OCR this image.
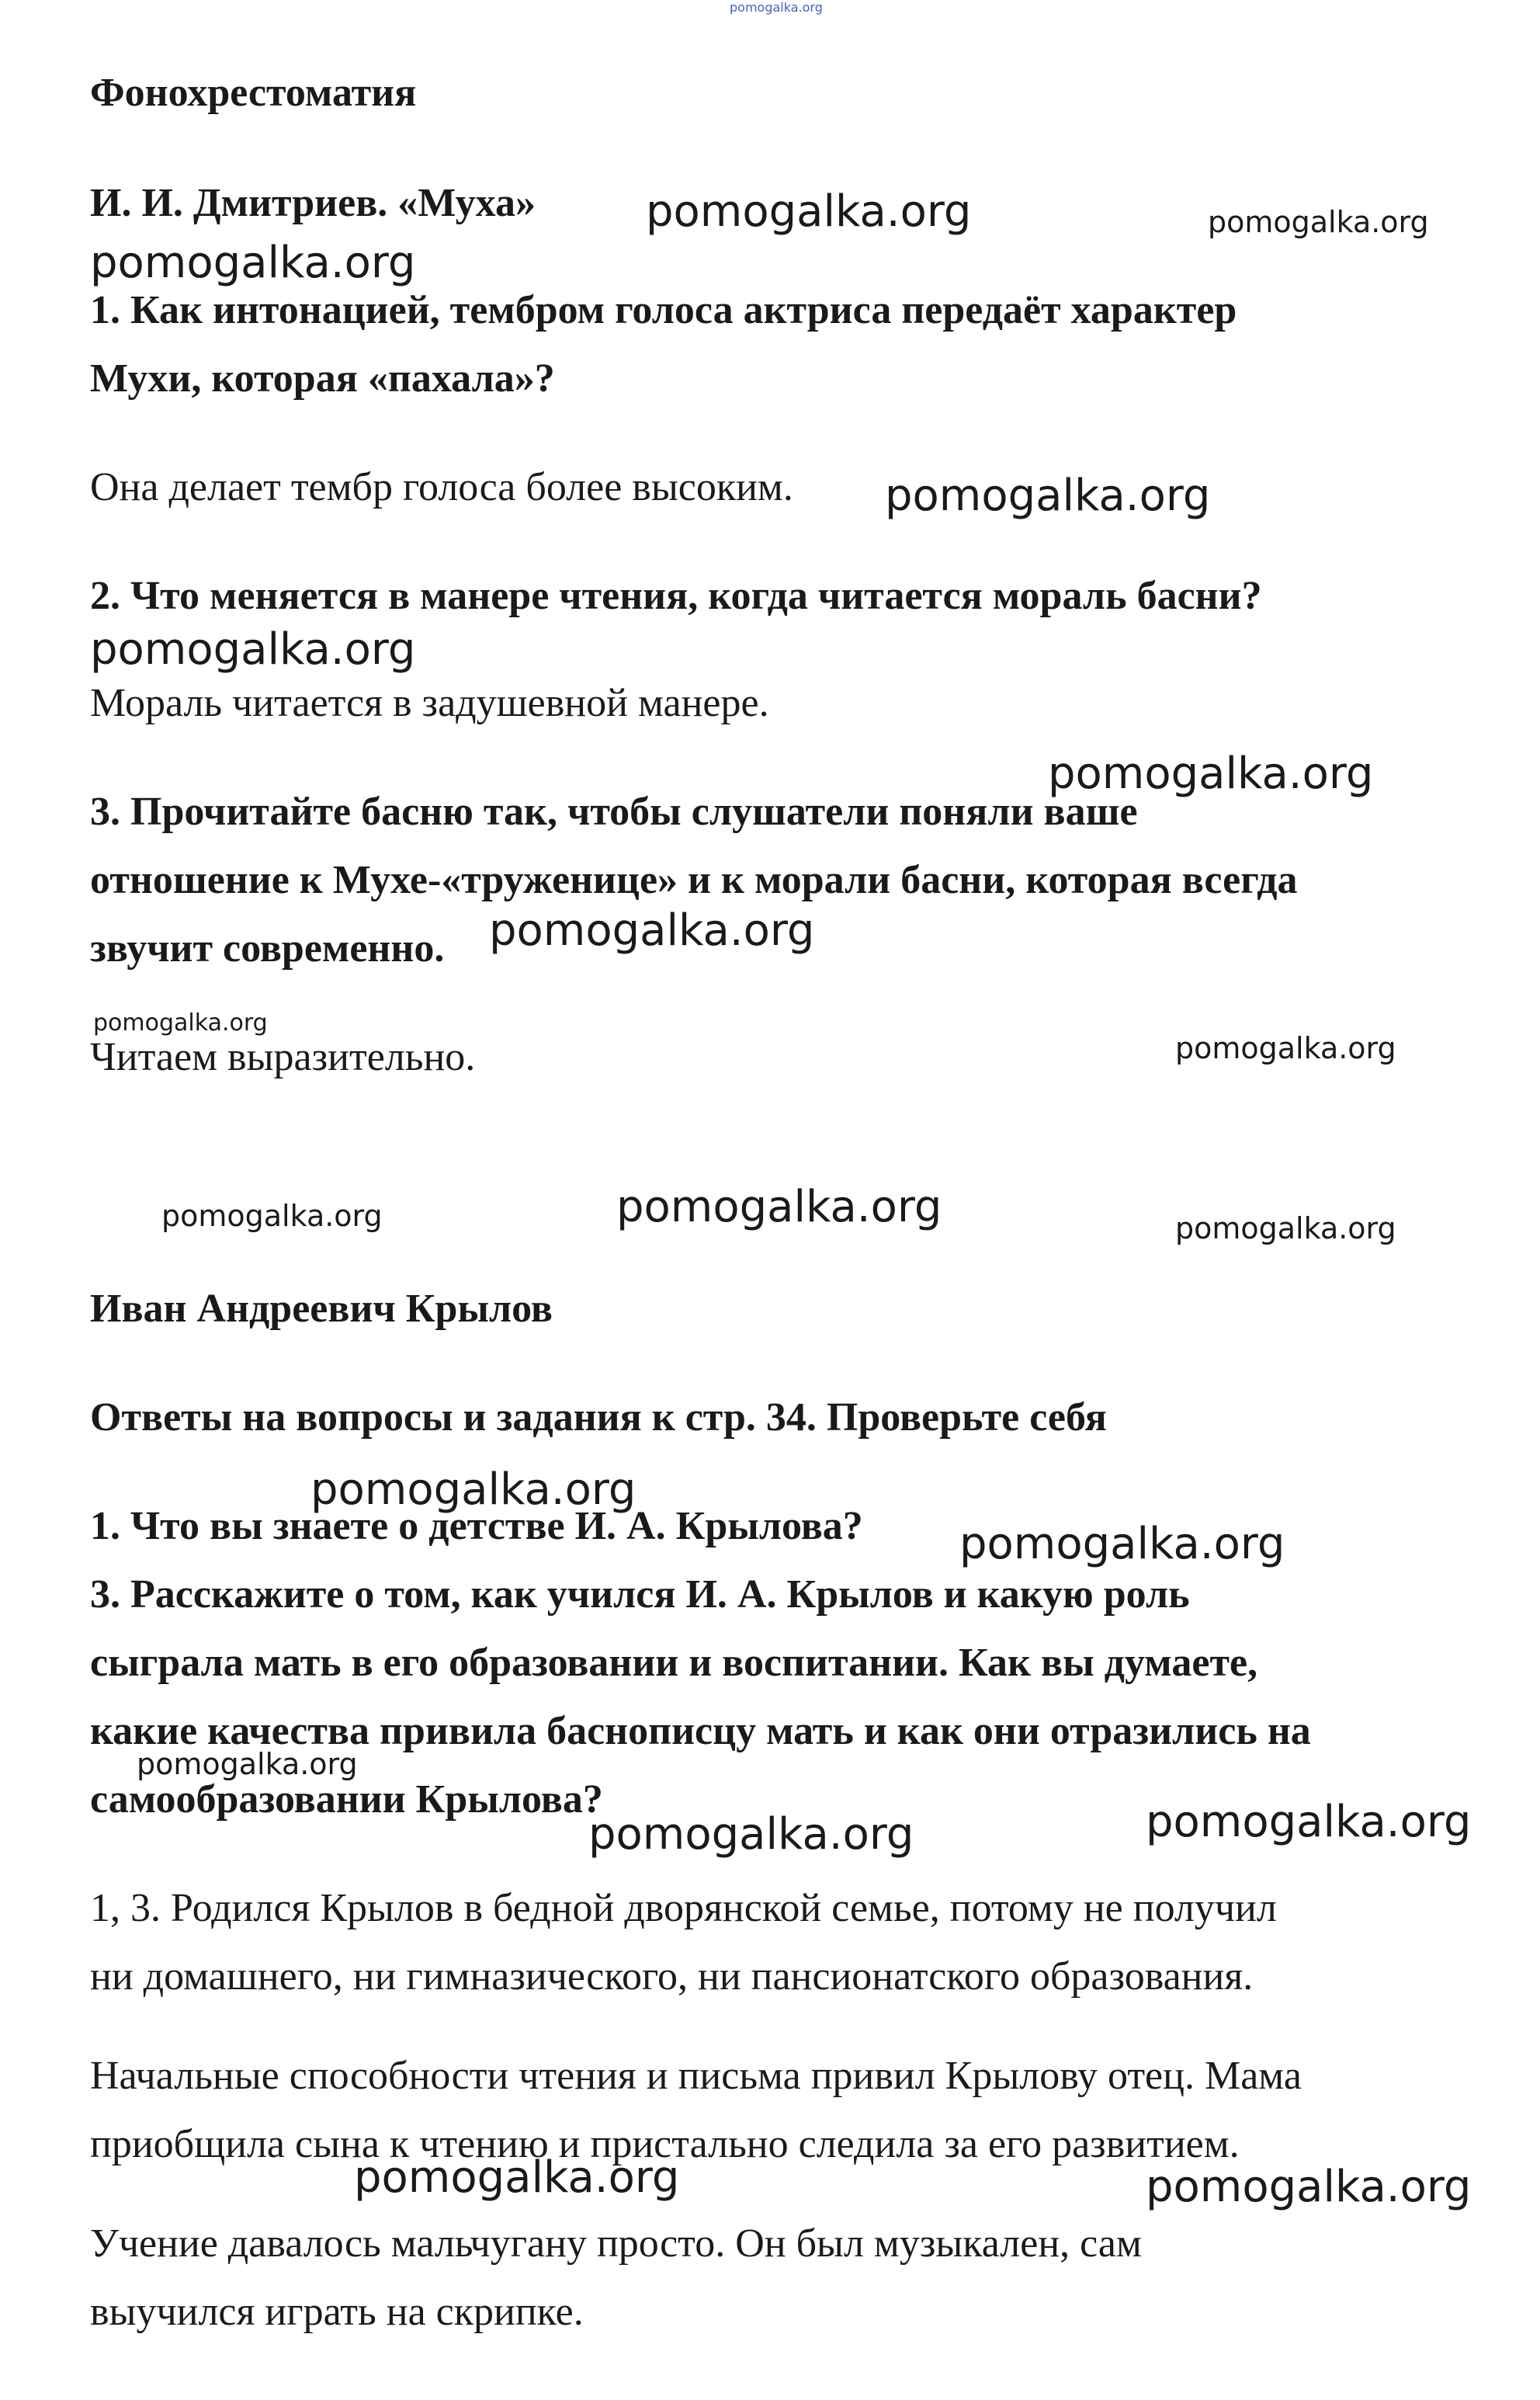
pomogalka.org
Фонохрестоматия
И. И. Дмитриев. «Муха»
1. Как интонацией, тембром голоса актриса передаёт характер
Мухи, которая «пахала»?
Она делает тембр голоса более высоким.
2. Что меняется в манере чтения, когда читается мораль басни?
Мораль читается в задушевной манере.
3. Прочитайте басню так, чтобы слушатели поняли ваше
отношение к Мухе-«труженице» и к морали басни, которая всегда
звучит современно.
Читаем выразительно.
Иван Андреевич Крылов
Ответы на вопросы и задания к стр. 34. Проверьте себя
1. Что вы знаете о детстве И. А. Крылова?
3. Расскажите о том, как учился И. А. Крылов и какую роль
сыграла мать в его образовании и воспитании. Как вы думаете,
какие качества привила баснописцу мать и как они отразились на
самообразовании Крылова?
1, 3. Родился Крылов в бедной дворянской семье, потому не получил
ни домашнего, ни гимназического, ни пансионатского образования.
Начальные способности чтения и письма привил Крылову отец. Мама
приобщила сына к чтению и пристально следила за его развитием.
Учение давалось мальчугану просто. Он был музыкален, сам
выучился играть на скрипке.
pomogalka.org	pomogalka.org
pomogalka.org
pomogalka.org
pomogalka.org
pomogalka.org
pomogalka.org
pomogalka.org
pomogalka.org
pomogalka.org	pomogalka.org	pomogalka.org
pomogalka.org
pomogalka.org
pomogalka.org
pomogalka.org
pomogalka.org
pomogalka.org	pomogalka.org
